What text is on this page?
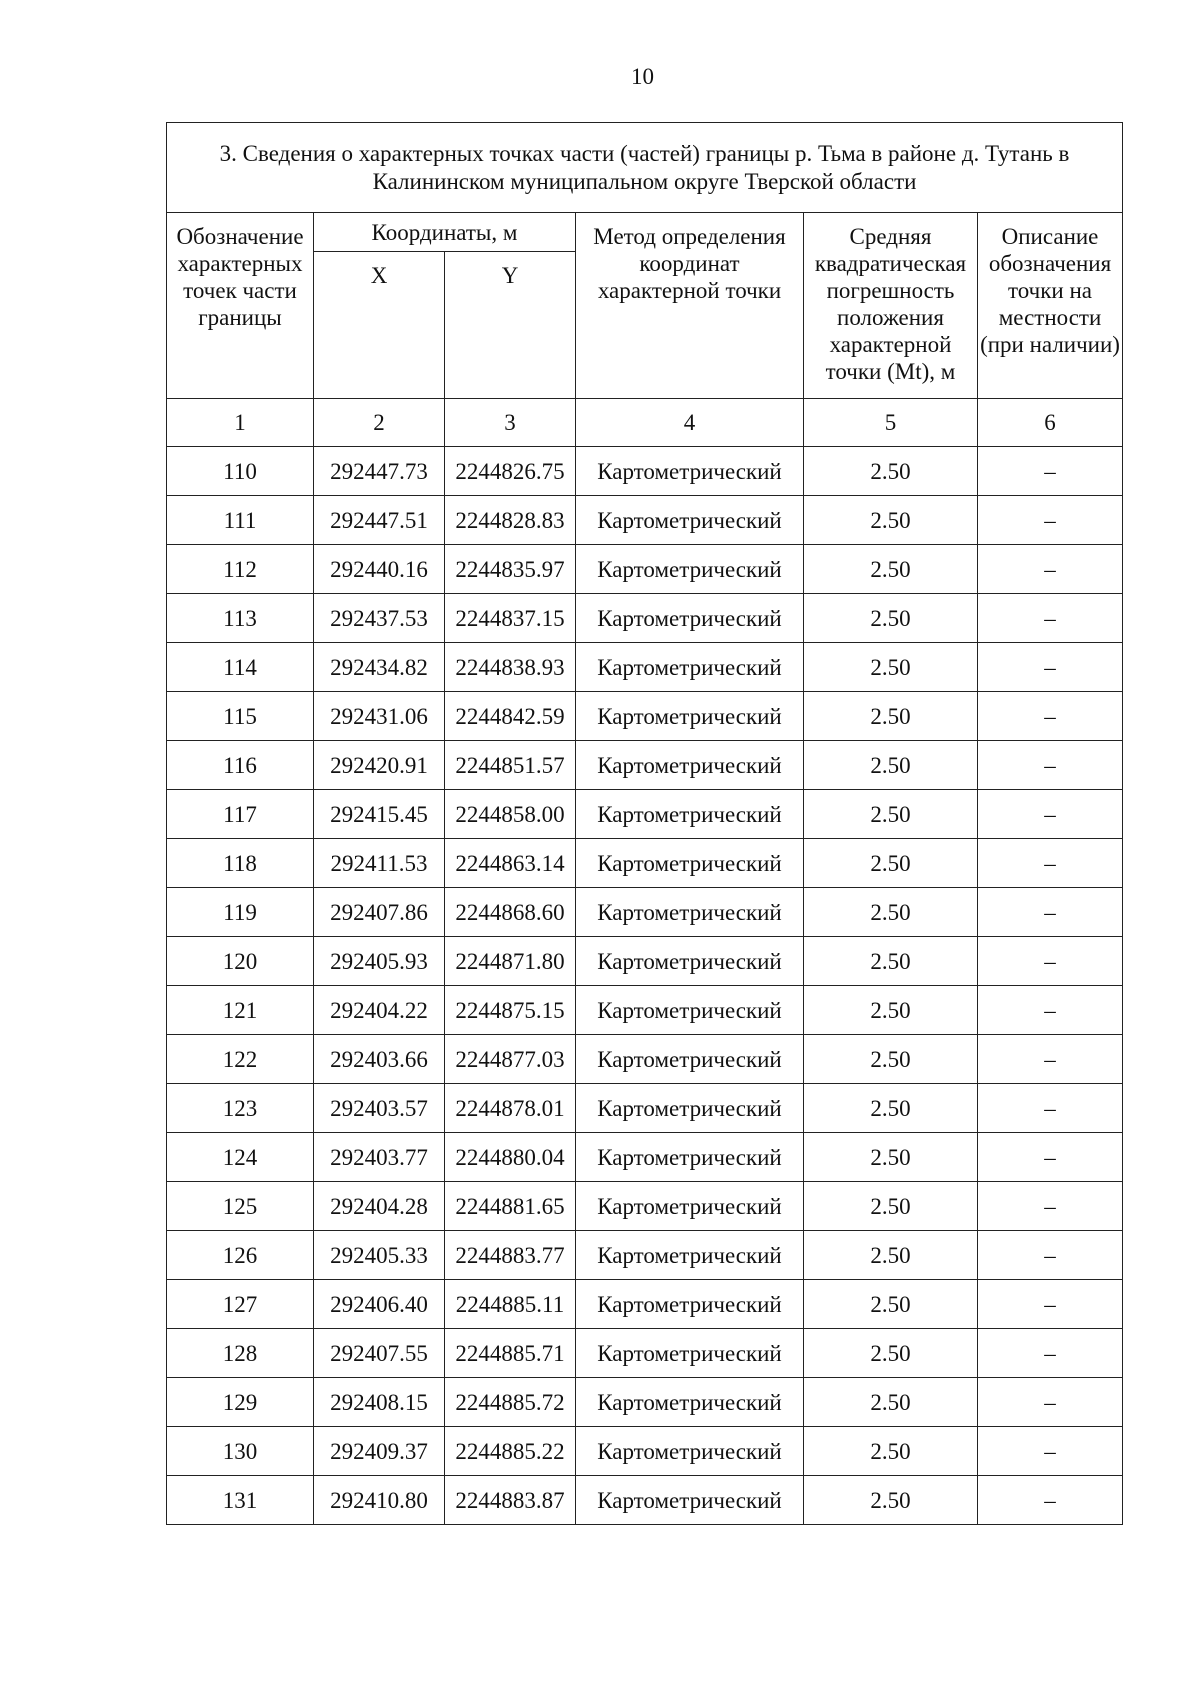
10
3. Сведения о характерных точках части (частей) границы р. Тьма в районе д. Тутань в Калининском муниципальном округе Тверской области					
Обозначение характерных точек части границы	Координаты, м		Метод определения координат характерной точки	Средняя квадратическая погрешность положения характерной точки (Mt), м	Описание обозначения точки на местности (при наличии)
	X	Y			
1	2	3	4	5	6
110	292447.73	2244826.75	Картометрический	2.50	–
111	292447.51	2244828.83	Картометрический	2.50	–
112	292440.16	2244835.97	Картометрический	2.50	–
113	292437.53	2244837.15	Картометрический	2.50	–
114	292434.82	2244838.93	Картометрический	2.50	–
115	292431.06	2244842.59	Картометрический	2.50	–
116	292420.91	2244851.57	Картометрический	2.50	–
117	292415.45	2244858.00	Картометрический	2.50	–
118	292411.53	2244863.14	Картометрический	2.50	–
119	292407.86	2244868.60	Картометрический	2.50	–
120	292405.93	2244871.80	Картометрический	2.50	–
121	292404.22	2244875.15	Картометрический	2.50	–
122	292403.66	2244877.03	Картометрический	2.50	–
123	292403.57	2244878.01	Картометрический	2.50	–
124	292403.77	2244880.04	Картометрический	2.50	–
125	292404.28	2244881.65	Картометрический	2.50	–
126	292405.33	2244883.77	Картометрический	2.50	–
127	292406.40	2244885.11	Картометрический	2.50	–
128	292407.55	2244885.71	Картометрический	2.50	–
129	292408.15	2244885.72	Картометрический	2.50	–
130	292409.37	2244885.22	Картометрический	2.50	–
131	292410.80	2244883.87	Картометрический	2.50	–
